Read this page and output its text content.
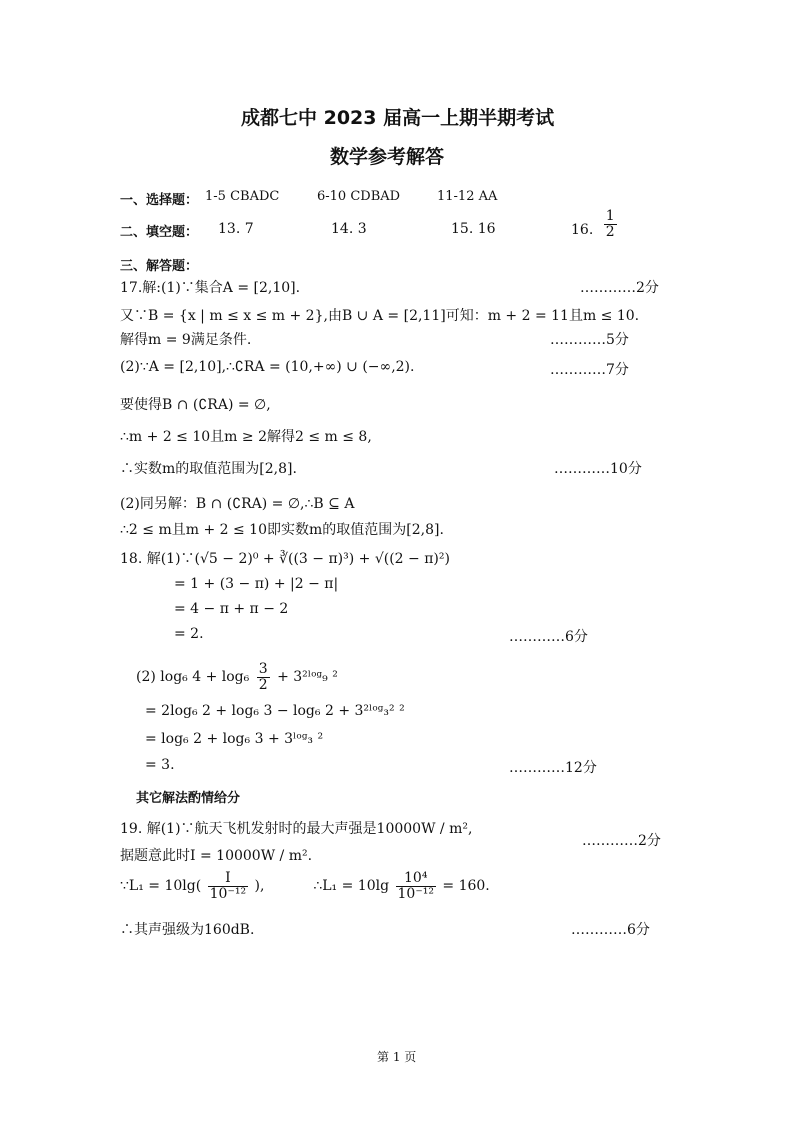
成都七中 2023 届高一上期半期考试
数学参考解答
一、选择题： 1-5 CBADC	6-10 CDBAD	11-12 AA
二、填空题： 13. 7	14. 3	15. 16	16. $\frac{1}{2}$
三、解答题：
17.解:(1)∵集合A = [2,10].	…………2分
又∵B = {x | m ≤ x ≤ m + 2},由B ∪ A = [2,11]可知：m + 2 = 11且m ≤ 10.
解得m = 9满足条件.	…………5分
(2)∵A = [2,10],∴∁RA = (10,+∞) ∪ (−∞,2).	…………7分
要使得B ∩ (∁RA) = ∅,
∴m + 2 ≤ 10且m ≥ 2解得2 ≤ m ≤ 8,
∴实数m的取值范围为[2,8].	…………10分
(2)同另解：B ∩ (∁RA) = ∅,∴B ⊆ A
∴2 ≤ m且m + 2 ≤ 10即实数m的取值范围为[2,8].
18. 解(1)∵(√5 − 2)⁰ + ∛((3 − π)³) + √((2 − π)²)
= 1 + (3 − π) + |2 − π|
= 4 − π + π − 2
= 2.	…………6分
(2) log₆ $4 + \log_6 \frac{3}{2}$ + 3²ˡᵒᵍ₉ ²
= 2log₆ 2 + log₆ 3 − log₆ 2 + 3²ˡᵒᵍ₃² ²
= log₆ 2 + log₆ 3 + 3ˡᵒᵍ₃ ²
= 3.	…………12分
其它解法酌情给分
19. 解(1)∵航天飞机发射时的最大声强是10000W / m²,
…………2分
据题意此时I = 10000W / m².
∵L₁ = $10\lg( \frac{I}{\text{10⁻¹²}}$ ),	∴L₁ = $10\lg \frac{\text{10⁴}}{\text{10⁻¹²}} = 160$.
∴其声强级为160dB.	…………6分
第 1 页
